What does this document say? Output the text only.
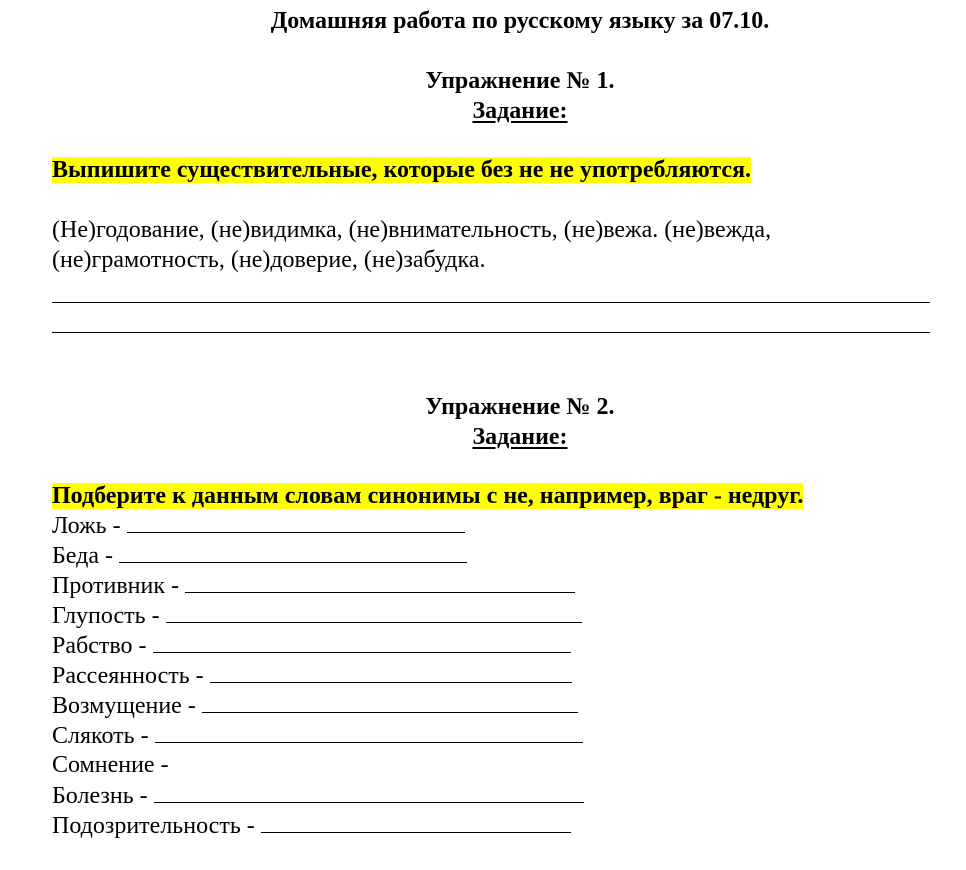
Домашняя работа по русскому языку за 07.10.
Упражнение № 1.
Задание:
Выпишите существительные, которые без не не употребляются.
(Не)годование, (не)видимка, (не)внимательность, (не)вежа. (не)вежда,
(не)грамотность, (не)доверие, (не)забудка.
Упражнение № 2.
Задание:
Подберите к данным словам синонимы с не, например, враг - недруг.
Ложь -
Беда -
Противник -
Глупость -
Рабство -
Рассеянность -
Возмущение -
Слякоть -
Сомнение -
Болезнь -
Подозрительность -
